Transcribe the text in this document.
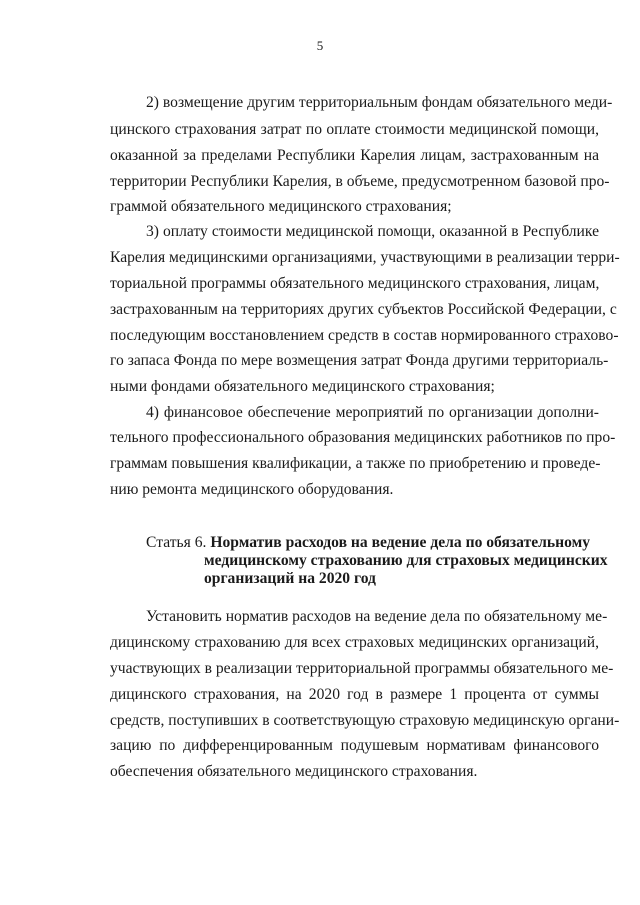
5
2) возмещение другим территориальным фондам обязательного меди-
цинского страхования затрат по оплате стоимости медицинской помощи,
оказанной за пределами Республики Карелия лицам, застрахованным на
территории Республики Карелия, в объеме, предусмотренном базовой про-
граммой обязательного медицинского страхования;
3) оплату стоимости медицинской помощи, оказанной в Республике
Карелия медицинскими организациями, участвующими в реализации терри-
ториальной программы обязательного медицинского страхования, лицам,
застрахованным на территориях других субъектов Российской Федерации, с
последующим восстановлением средств в состав нормированного страхово-
го запаса Фонда по мере возмещения затрат Фонда другими территориаль-
ными фондами обязательного медицинского страхования;
4) финансовое обеспечение мероприятий по организации дополни-
тельного профессионального образования медицинских работников по про-
граммам повышения квалификации, а также по приобретению и проведе-
нию ремонта медицинского оборудования.
Статья 6. Норматив расходов на ведение дела по обязательному
медицинскому страхованию для страховых медицинских
организаций на 2020 год
Установить норматив расходов на ведение дела по обязательному ме-
дицинскому страхованию для всех страховых медицинских организаций,
участвующих в реализации территориальной программы обязательного ме-
дицинского страхования, на 2020 год в размере 1 процента от суммы
средств, поступивших в соответствующую страховую медицинскую органи-
зацию по дифференцированным подушевым нормативам финансового
обеспечения обязательного медицинского страхования.
